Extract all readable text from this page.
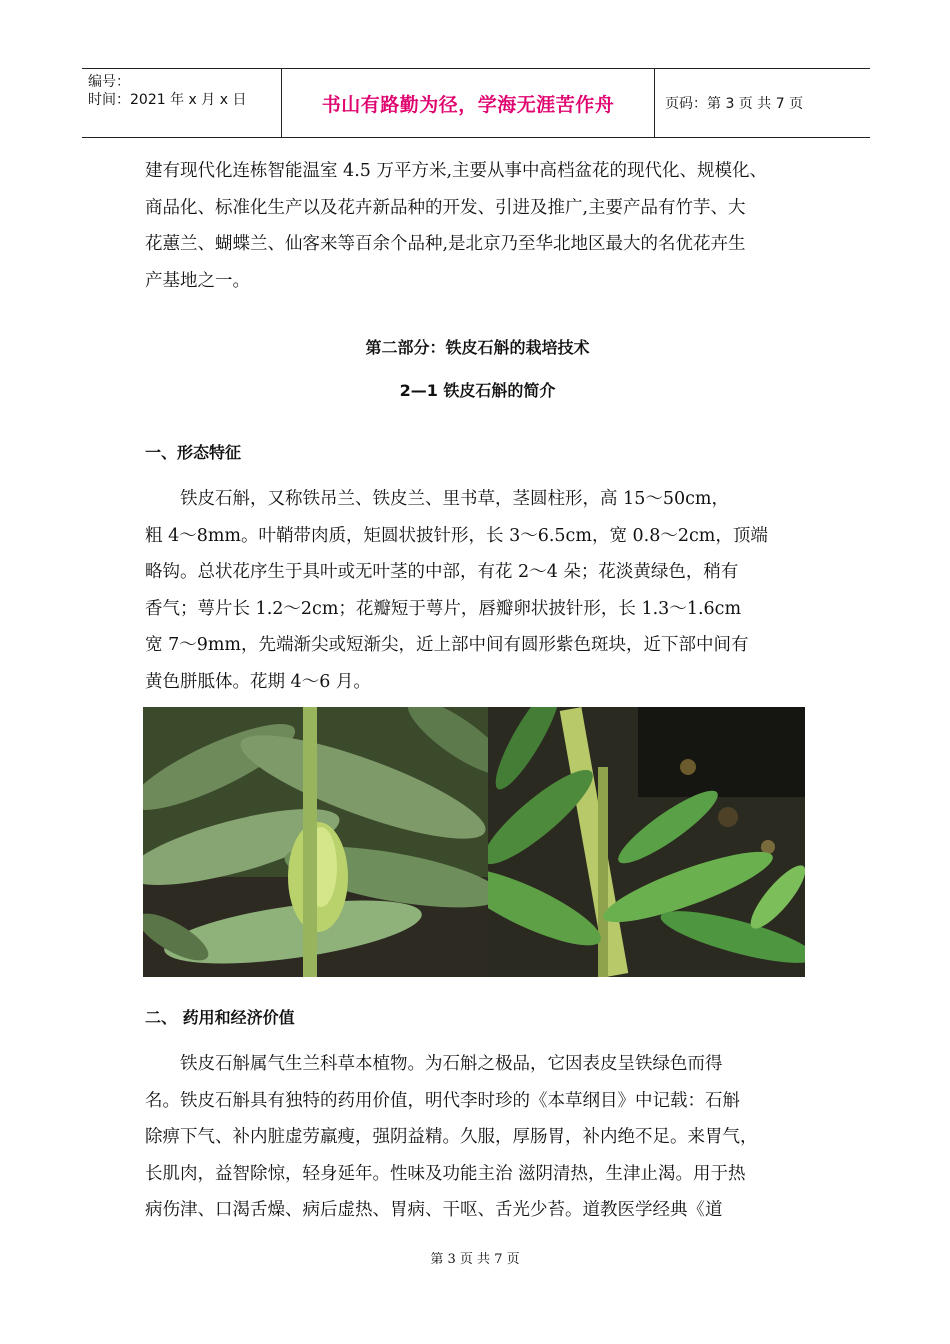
编号：
时间：2021 年 x 月 x 日	书山有路勤为径，学海无涯苦作舟	页码：第 3 页 共 7 页

建有现代化连栋智能温室 4.5 万平方米,主要从事中高档盆花的现代化、规模化、

商品化、标准化生产以及花卉新品种的开发、引进及推广,主要产品有竹芋、大

花蕙兰、蝴蝶兰、仙客来等百余个品种,是北京乃至华北地区最大的名优花卉生

产基地之一。

第二部分：铁皮石斛的栽培技术

2—1 铁皮石斛的简介

一、形态特征

铁皮石斛，又称铁吊兰、铁皮兰、里书草，茎圆柱形，高 15～50cm，

粗 4～8mm。叶鞘带肉质，矩圆状披针形，长 3～6.5cm，宽 0.8～2cm，顶端

略钩。总状花序生于具叶或无叶茎的中部，有花 2～4 朵；花淡黄绿色，稍有

香气；萼片长 1.2～2cm；花瓣短于萼片，唇瓣卵状披针形，长 1.3～1.6cm

宽 7～9mm，先端渐尖或短渐尖，近上部中间有圆形紫色斑块，近下部中间有

黄色胼胝体。花期 4～6 月。

二、 药用和经济价值

铁皮石斛属气生兰科草本植物。为石斛之极品，它因表皮呈铁绿色而得

名。铁皮石斛具有独特的药用价值，明代李时珍的《本草纲目》中记载：石斛

除痹下气、补内脏虚劳羸瘦，强阴益精。久服，厚肠胃，补内绝不足。来胃气，

长肌肉，益智除惊，轻身延年。性味及功能主治 滋阴清热，生津止渴。用于热

病伤津、口渴舌燥、病后虚热、胃病、干呕、舌光少苔。道教医学经典《道

第 3 页 共 7 页
